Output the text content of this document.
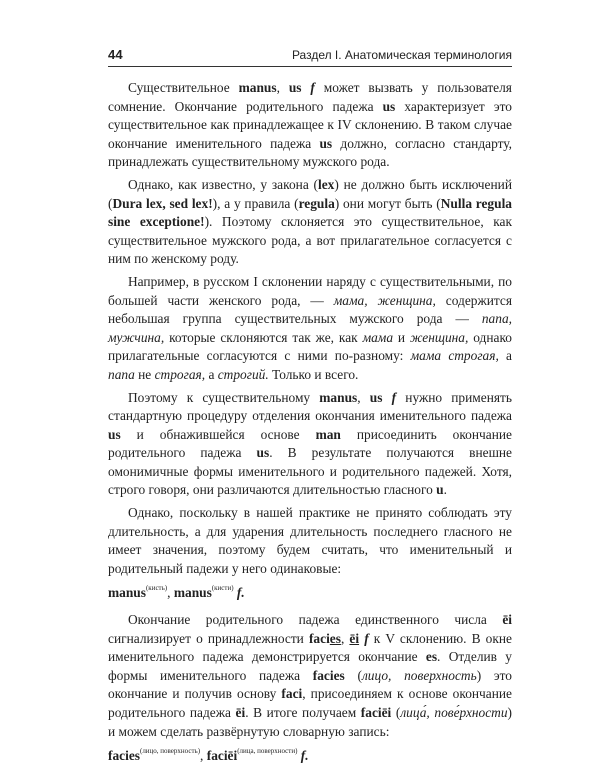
44	Раздел I. Анатомическая терминология

Существительное manus, us f может вызвать у пользователя сомнение. Окончание родительного падежа us характеризует это существительное как принадлежащее к IV склонению. В таком случае окончание именительного падежа us должно, согласно стандарту, принадлежать существительному мужского рода.

Однако, как известно, у закона (lex) не должно быть исключений (Dura lex, sed lex!), а у правила (regula) они могут быть (Nulla regula sine exceptione!). Поэтому склоняется это существительное, как существительное мужского рода, а вот прилагательное согласуется с ним по женскому роду.

Например, в русском I склонении наряду с существительными, по большей части женского рода, — мама, женщина, содержится небольшая группа существительных мужского рода — папа, мужчина, которые склоняются так же, как мама и женщина, однако прилагательные согласуются с ними по-разному: мама строгая, а папа не строгая, а строгий. Только и всего.

Поэтому к существительному manus, us f нужно применять стандартную процедуру отделения окончания именительного падежа us и обнажившейся основе man присоединить окончание родительного падежа us. В результате получаются внешне омонимичные формы именительного и родительного падежей. Хотя, строго говоря, они различаются длительностью гласного u.

Однако, поскольку в нашей практике не принято соблюдать эту длительность, а для ударения длительность последнего гласного не имеет значения, поэтому будем считать, что именительный и родительный падежи у него одинаковые:

manus$^{(кисть)}$, manus$^{(кисти)}$ f.

Окончание родительного падежа единственного числа ēi сигнализирует о принадлежности facies, ēi f к V склонению. В окне именительного падежа демонстрируется окончание es. Отделив у формы именительного падежа facies (лицо, поверхность) это окончание и получив основу faci, присоединяем к основе окончание родительного падежа ēi. В итоге получаем faciēi (лица́, пове́рхности) и можем сделать развёрнутую словарную запись:

facies$^{(лицо, поверхность)}$, faciēi$^{(лица, поверхности)}$ f.
